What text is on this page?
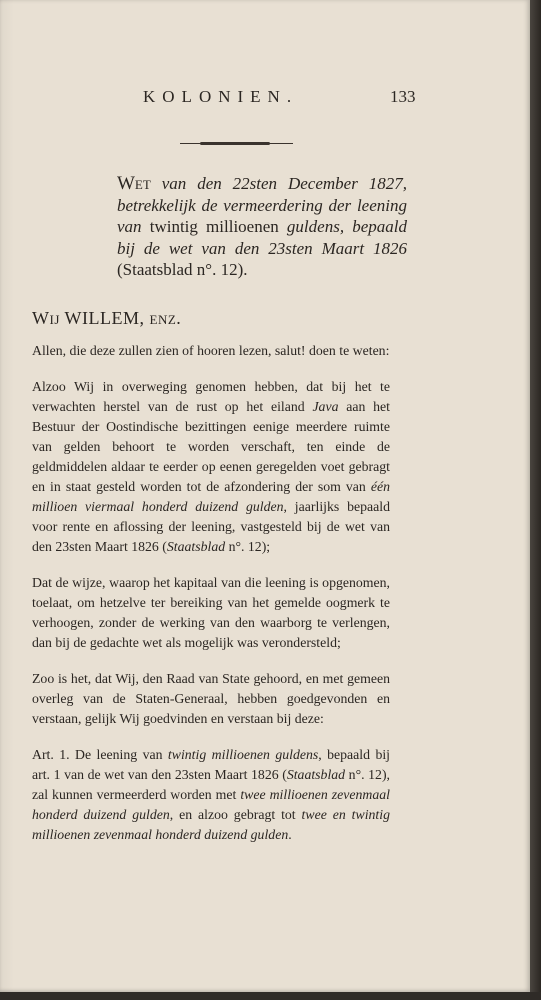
KOLONIEN.	133
Wet van den 22sten December 1827, betrekkelijk de vermeerdering der leening van twintig millioenen guldens, bepaald bij de wet van den 23sten Maart 1826 (Staatsblad n°. 12).
Wij WILLEM, enz.

Allen, die deze zullen zien of hooren lezen, salut! doen te weten:

Alzoo Wij in overweging genomen hebben, dat bij het te verwachten herstel van de rust op het eiland Java aan het Bestuur der Oostindische bezittingen eenige meerdere ruimte van gelden behoort te worden verschaft, ten einde de geldmiddelen aldaar te eerder op eenen geregelden voet gebragt en in staat gesteld worden tot de afzondering der som van één millioen viermaal honderd duizend gulden, jaarlijks bepaald voor rente en aflossing der leening, vastgesteld bij de wet van den 23sten Maart 1826 (Staatsblad n°. 12);

Dat de wijze, waarop het kapitaal van die leening is opgenomen, toelaat, om hetzelve ter bereiking van het gemelde oogmerk te verhoogen, zonder de werking van den waarborg te verlengen, dan bij de gedachte wet als mogelijk was verondersteld;

Zoo is het, dat Wij, den Raad van State gehoord, en met gemeen overleg van de Staten-Generaal, hebben goedgevonden en verstaan, gelijk Wij goedvinden en verstaan bij deze:

Art. 1. De leening van twintig millioenen guldens, bepaald bij art. 1 van de wet van den 23sten Maart 1826 (Staatsblad n°. 12), zal kunnen vermeerderd worden met twee millioenen zevenmaal honderd duizend gulden, en alzoo gebragt tot twee en twintig millioenen zevenmaal honderd duizend gulden.
